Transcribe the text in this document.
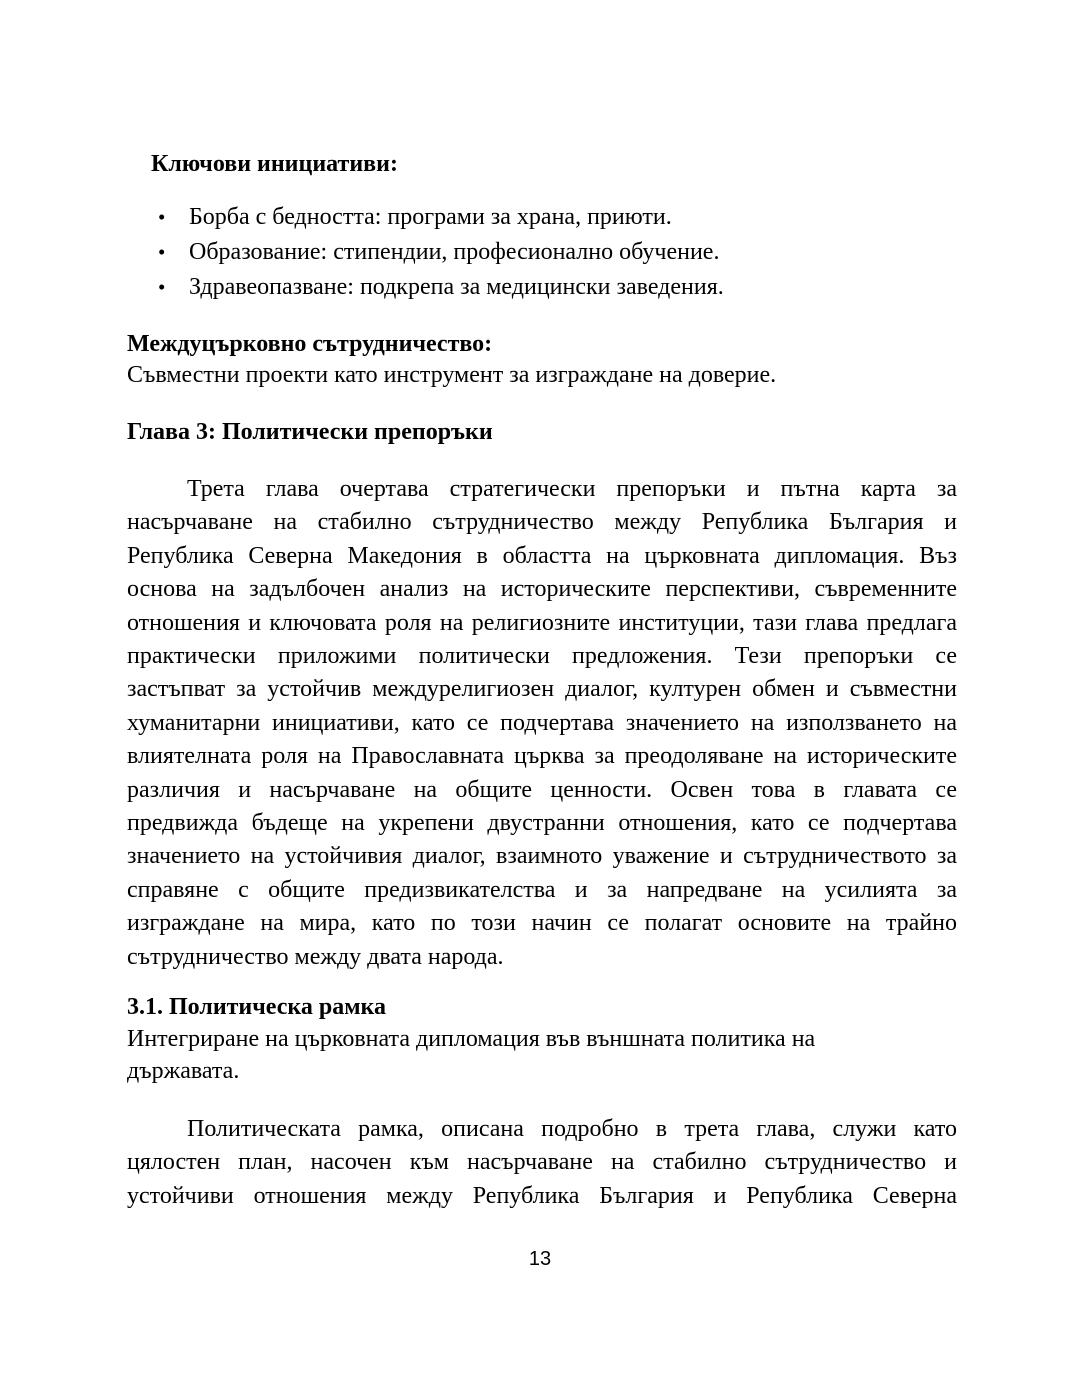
Ключови инициативи:
• Борба с бедността: програми за храна, приюти.
• Образование: стипендии, професионално обучение.
• Здравеопазване: подкрепа за медицински заведения.
Междуцърковно сътрудничество:
Съвместни проекти като инструмент за изграждане на доверие.
Глава 3: Политически препоръки
Трета глава очертава стратегически препоръки и пътна карта за
насърчаване на стабилно сътрудничество между Република България и
Република Северна Македония в областта на църковната дипломация. Въз
основа на задълбочен анализ на историческите перспективи, съвременните
отношения и ключовата роля на религиозните институции, тази глава предлага
практически приложими политически предложения. Тези препоръки се
застъпват за устойчив междурелигиозен диалог, културен обмен и съвместни
хуманитарни инициативи, като се подчертава значението на използването на
влиятелната роля на Православната църква за преодоляване на историческите
различия и насърчаване на общите ценности. Освен това в главата се
предвижда бъдеще на укрепени двустранни отношения, като се подчертава
значението на устойчивия диалог, взаимното уважение и сътрудничеството за
справяне с общите предизвикателства и за напредване на усилията за
изграждане на мира, като по този начин се полагат основите на трайно
сътрудничество между двата народа.
3.1. Политическа рамка
Интегриране на църковната дипломация във външната политика на
държавата.
Политическата рамка, описана подробно в трета глава, служи като
цялостен план, насочен към насърчаване на стабилно сътрудничество и
устойчиви отношения между Република България и Република Северна
13
